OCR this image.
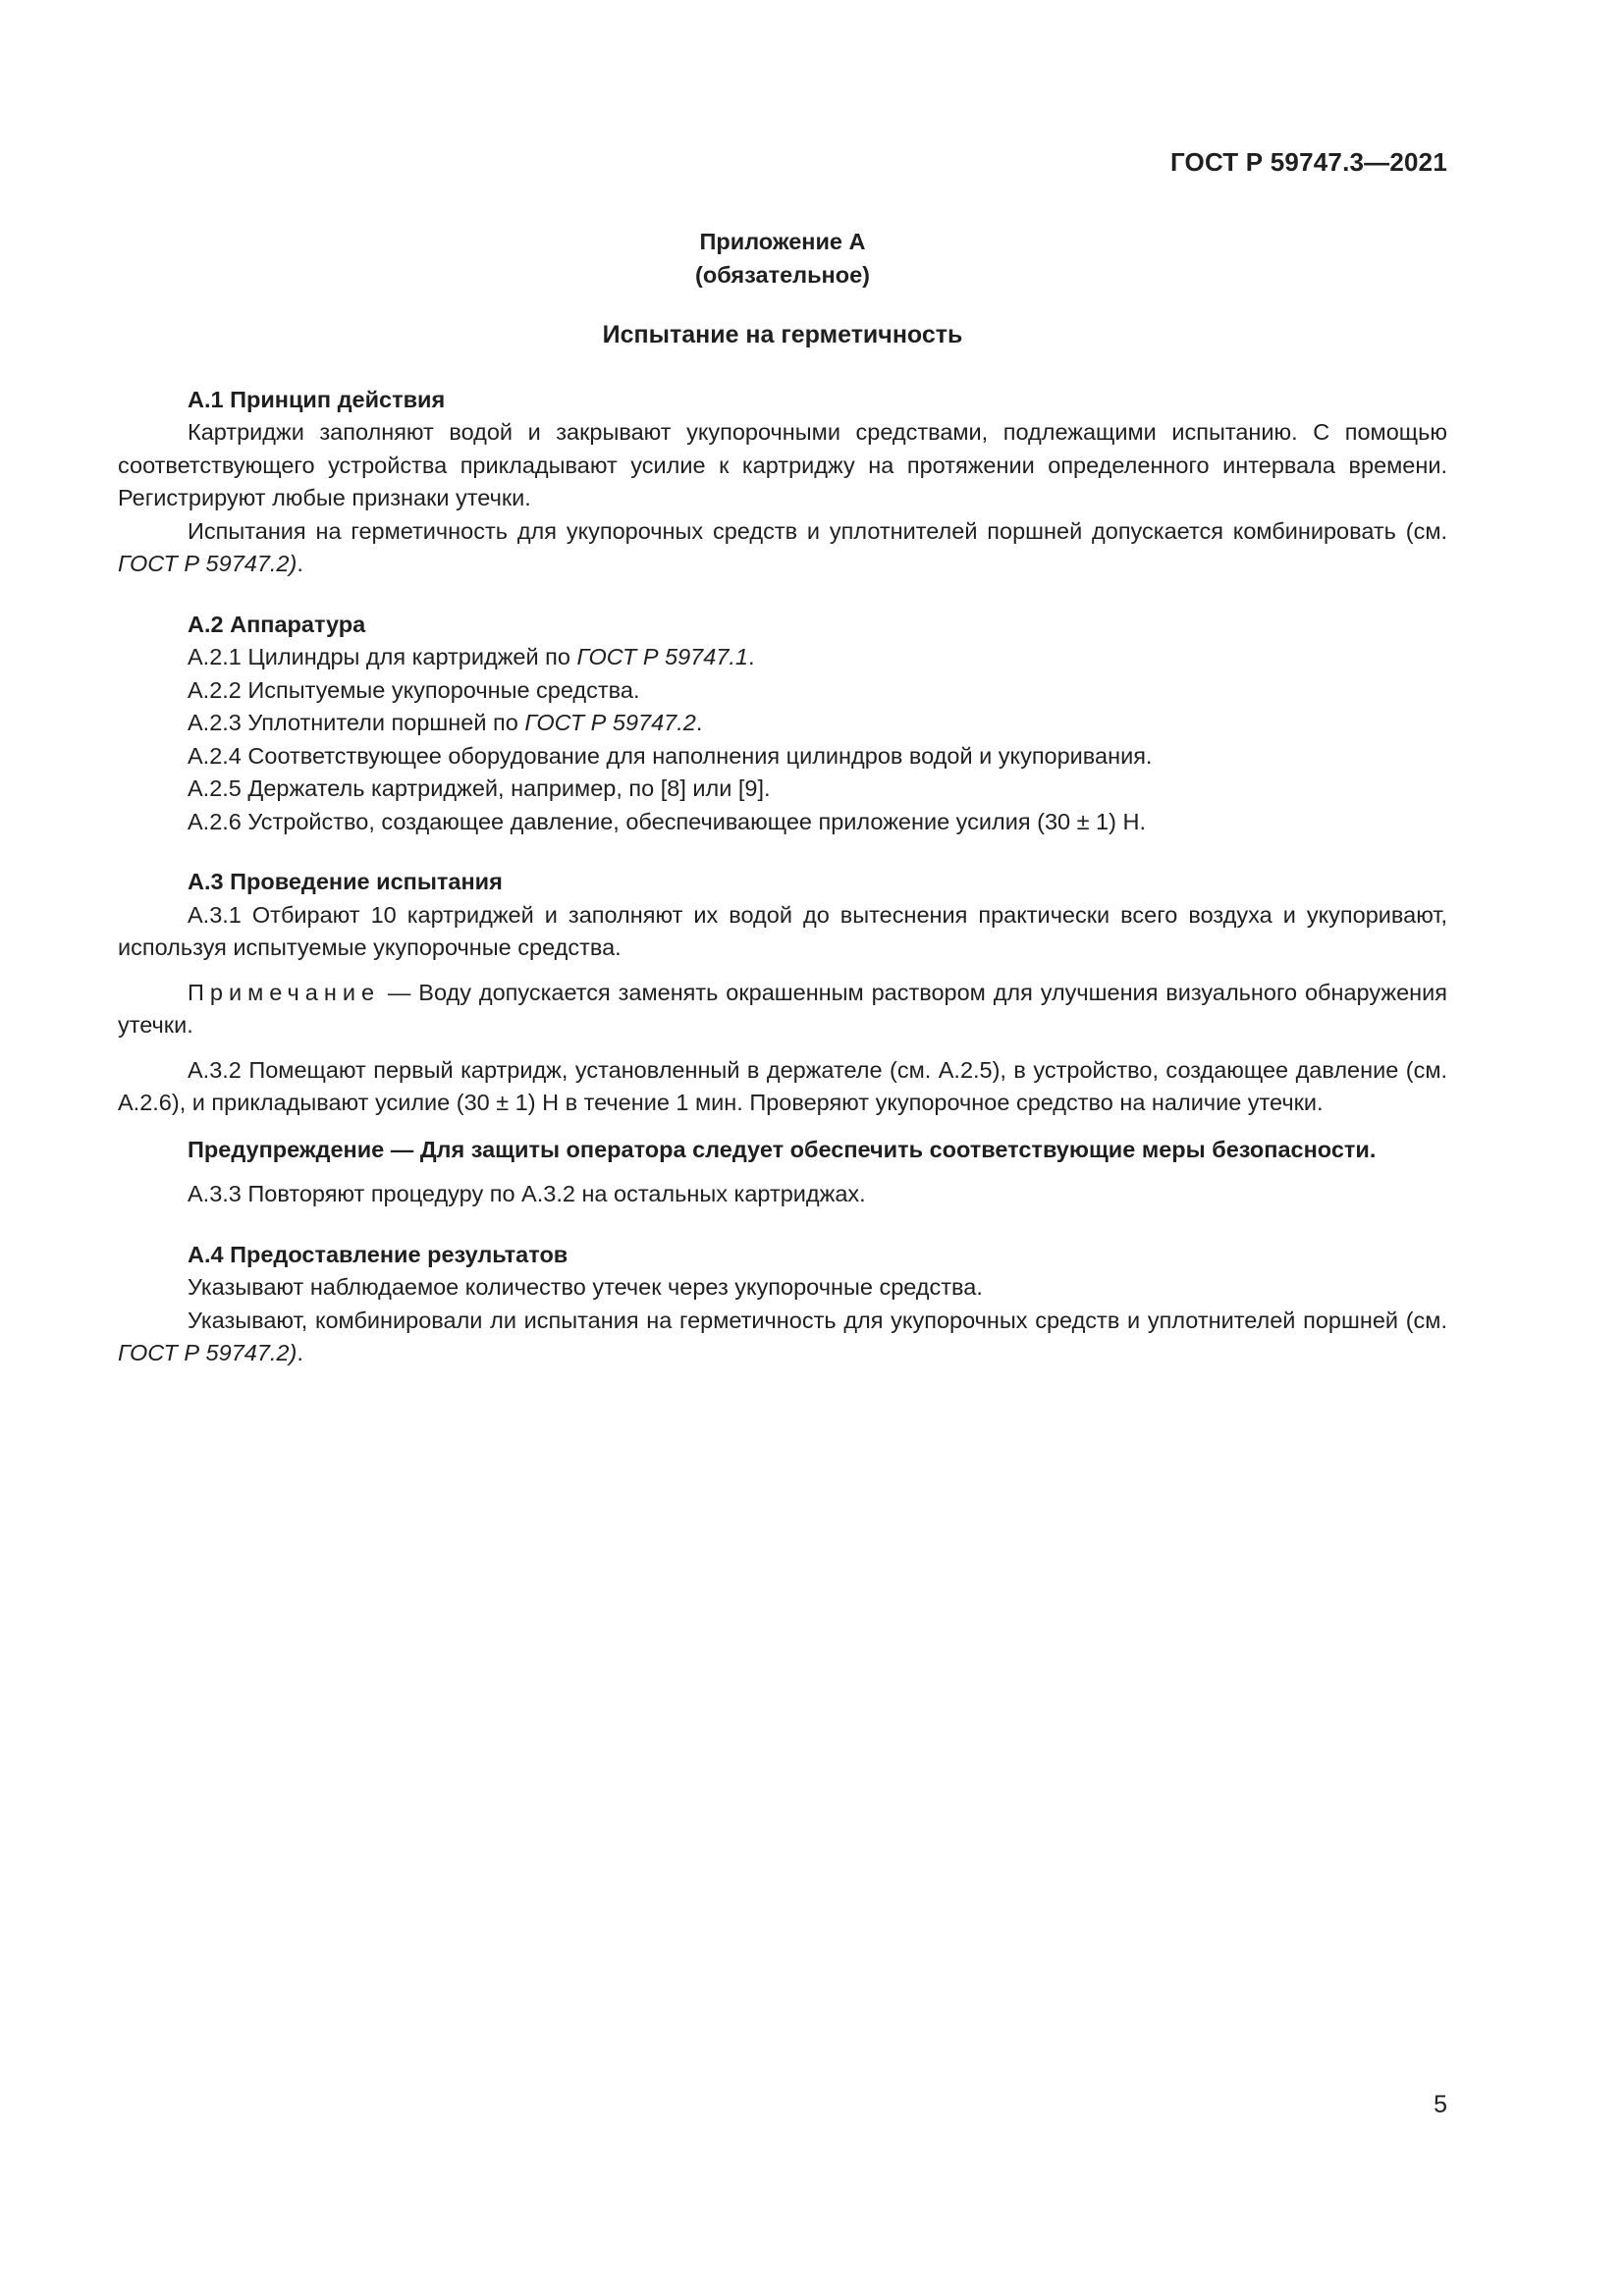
ГОСТ Р 59747.3—2021

Приложение А

(обязательное)

Испытание на герметичность

А.1 Принцип действия

Картриджи заполняют водой и закрывают укупорочными средствами, подлежащими испытанию. С помощью соответствующего устройства прикладывают усилие к картриджу на протяжении определенного интервала времени. Регистрируют любые признаки утечки.

Испытания на герметичность для укупорочных средств и уплотнителей поршней допускается комбинировать (см. ГОСТ Р 59747.2).

А.2 Аппаратура

А.2.1 Цилиндры для картриджей по ГОСТ Р 59747.1.

А.2.2 Испытуемые укупорочные средства.

А.2.3 Уплотнители поршней по ГОСТ Р 59747.2.

А.2.4 Соответствующее оборудование для наполнения цилиндров водой и укупоривания.

А.2.5 Держатель картриджей, например, по [8] или [9].

А.2.6 Устройство, создающее давление, обеспечивающее приложение усилия (30 ± 1) Н.

А.3 Проведение испытания

А.3.1 Отбирают 10 картриджей и заполняют их водой до вытеснения практически всего воздуха и укупоривают, используя испытуемые укупорочные средства.

Примечание — Воду допускается заменять окрашенным раствором для улучшения визуального обнаружения утечки.

А.3.2 Помещают первый картридж, установленный в держателе (см. А.2.5), в устройство, создающее давление (см. А.2.6), и прикладывают усилие (30 ± 1) Н в течение 1 мин. Проверяют укупорочное средство на наличие утечки.

Предупреждение — Для защиты оператора следует обеспечить соответствующие меры безопасности.

А.3.3 Повторяют процедуру по А.3.2 на остальных картриджах.

А.4 Предоставление результатов

Указывают наблюдаемое количество утечек через укупорочные средства.

Указывают, комбинировали ли испытания на герметичность для укупорочных средств и уплотнителей поршней (см. ГОСТ Р 59747.2).

5
